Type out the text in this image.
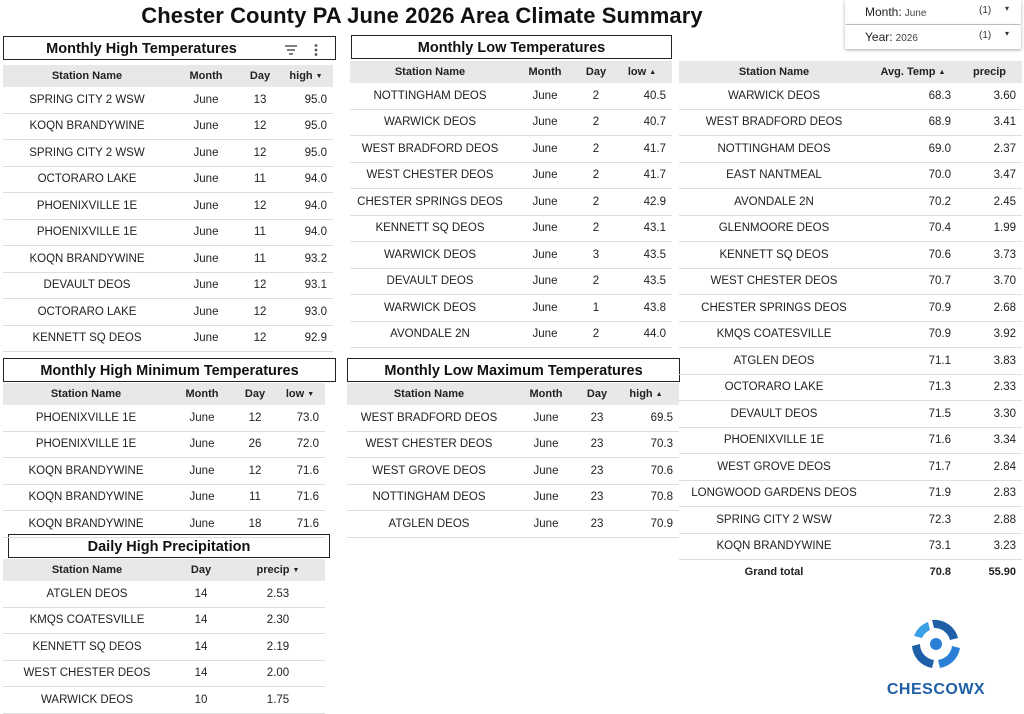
Chester County PA June 2026 Area Climate Summary	Month: June	(1) ▾
Year: 2026	(1) ▾
Monthly High Temperatures	Monthly Low Temperatures
Monthly High Minimum Temperatures	Monthly Low Maximum Temperatures
Daily High Precipitation
Station Name	Month	Day	high ▼
SPRING CITY 2 WSW	June	13	95.0
KOQN BRANDYWINE	June	12	95.0
SPRING CITY 2 WSW	June	12	95.0
OCTORARO LAKE	June	11	94.0
PHOENIXVILLE 1E	June	12	94.0
PHOENIXVILLE 1E	June	11	94.0
KOQN BRANDYWINE	June	11	93.2
DEVAULT DEOS	June	12	93.1
OCTORARO LAKE	June	12	93.0
KENNETT SQ DEOS	June	12	92.9
Station Name	Month	Day	low ▲
NOTTINGHAM DEOS	June	2	40.5
WARWICK DEOS	June	2	40.7
WEST BRADFORD DEOS	June	2	41.7
WEST CHESTER DEOS	June	2	41.7
CHESTER SPRINGS DEOS	June	2	42.9
KENNETT SQ DEOS	June	2	43.1
WARWICK DEOS	June	3	43.5
DEVAULT DEOS	June	2	43.5
WARWICK DEOS	June	1	43.8
AVONDALE 2N	June	2	44.0
Station Name	Avg. Temp ▲	precip
WARWICK DEOS	68.3	3.60
WEST BRADFORD DEOS	68.9	3.41
NOTTINGHAM DEOS	69.0	2.37
EAST NANTMEAL	70.0	3.47
AVONDALE 2N	70.2	2.45
GLENMOORE DEOS	70.4	1.99
KENNETT SQ DEOS	70.6	3.73
WEST CHESTER DEOS	70.7	3.70
CHESTER SPRINGS DEOS	70.9	2.68
KMQS COATESVILLE	70.9	3.92
ATGLEN DEOS	71.1	3.83
OCTORARO LAKE	71.3	2.33
DEVAULT DEOS	71.5	3.30
PHOENIXVILLE 1E	71.6	3.34
WEST GROVE DEOS	71.7	2.84
LONGWOOD GARDENS DEOS	71.9	2.83
SPRING CITY 2 WSW	72.3	2.88
KOQN BRANDYWINE	73.1	3.23
Grand total	70.8	55.90
Station Name	Month	Day	low ▼
PHOENIXVILLE 1E	June	12	73.0
PHOENIXVILLE 1E	June	26	72.0
KOQN BRANDYWINE	June	12	71.6
KOQN BRANDYWINE	June	11	71.6
KOQN BRANDYWINE	June	18	71.6
Station Name	Month	Day	high ▲
WEST BRADFORD DEOS	June	23	69.5
WEST CHESTER DEOS	June	23	70.3
WEST GROVE DEOS	June	23	70.6
NOTTINGHAM DEOS	June	23	70.8
ATGLEN DEOS	June	23	70.9
Station Name	Day	precip ▼
ATGLEN DEOS	14	2.53
KMQS COATESVILLE	14	2.30
KENNETT SQ DEOS	14	2.19
WEST CHESTER DEOS	14	2.00
WARWICK DEOS	10	1.75
CHESCOWX
